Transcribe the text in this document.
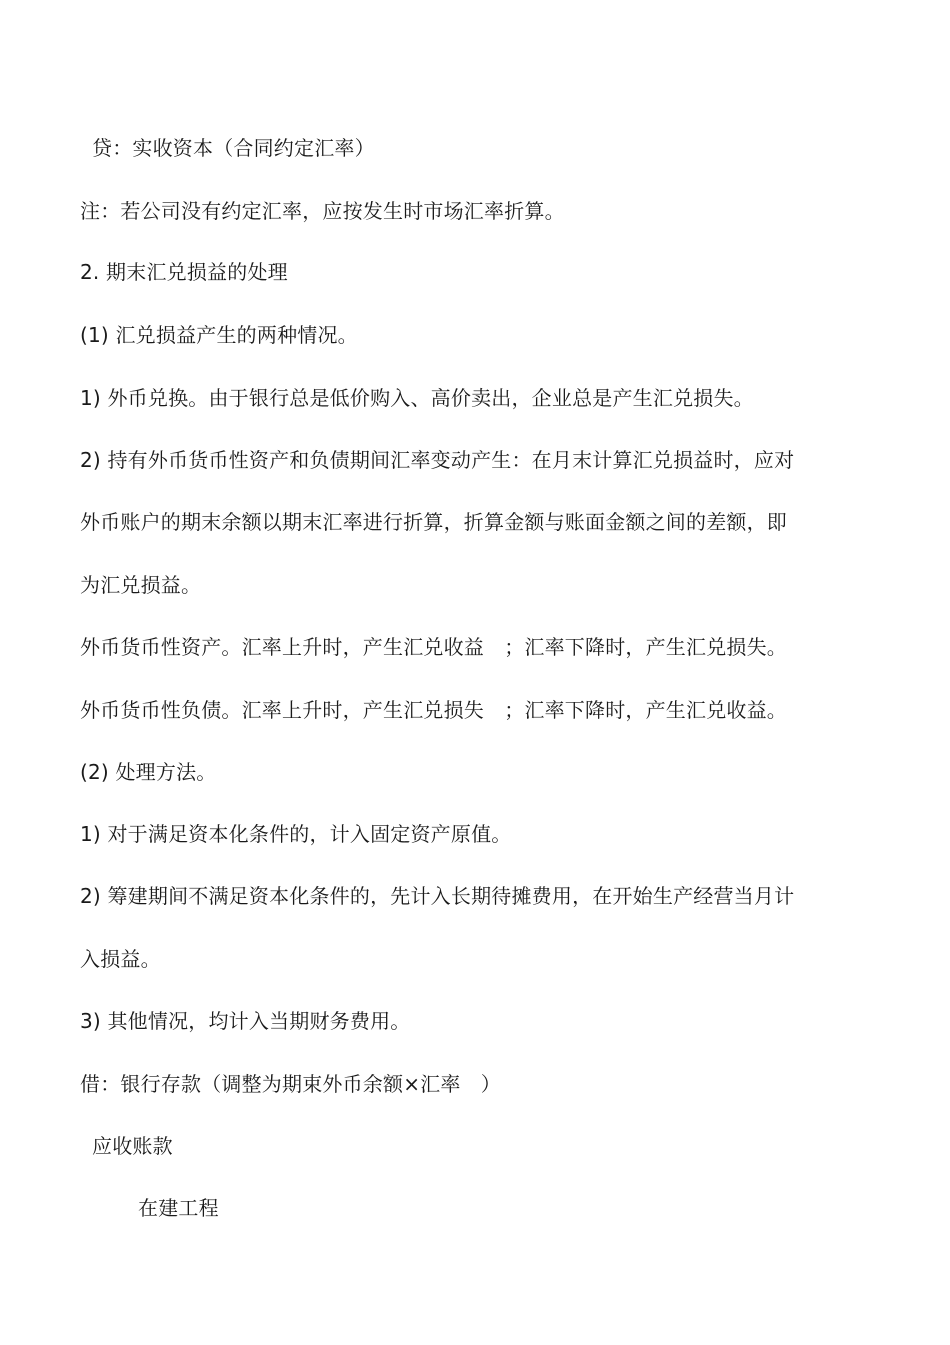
贷：实收资本（合同约定汇率）
注：若公司没有约定汇率，应按发生时市场汇率折算。
2. 期末汇兑损益的处理
(1) 汇兑损益产生的两种情况。
1) 外币兑换。由于银行总是低价购入、高价卖出，企业总是产生汇兑损失。
2) 持有外币货币性资产和负债期间汇率变动产生：在月末计算汇兑损益时，应对
外币账户的期末余额以期末汇率进行折算，折算金额与账面金额之间的差额，即
为汇兑损益。
外币货币性资产。汇率上升时，产生汇兑收益　；汇率下降时，产生汇兑损失。
外币货币性负债。汇率上升时，产生汇兑损失　；汇率下降时，产生汇兑收益。
(2) 处理方法。
1) 对于满足资本化条件的，计入固定资产原值。
2) 筹建期间不满足资本化条件的，先计入长期待摊费用，在开始生产经营当月计
入损益。
3) 其他情况，均计入当期财务费用。
借：银行存款（调整为期束外币余额×汇率　）
应收账款
在建工程
